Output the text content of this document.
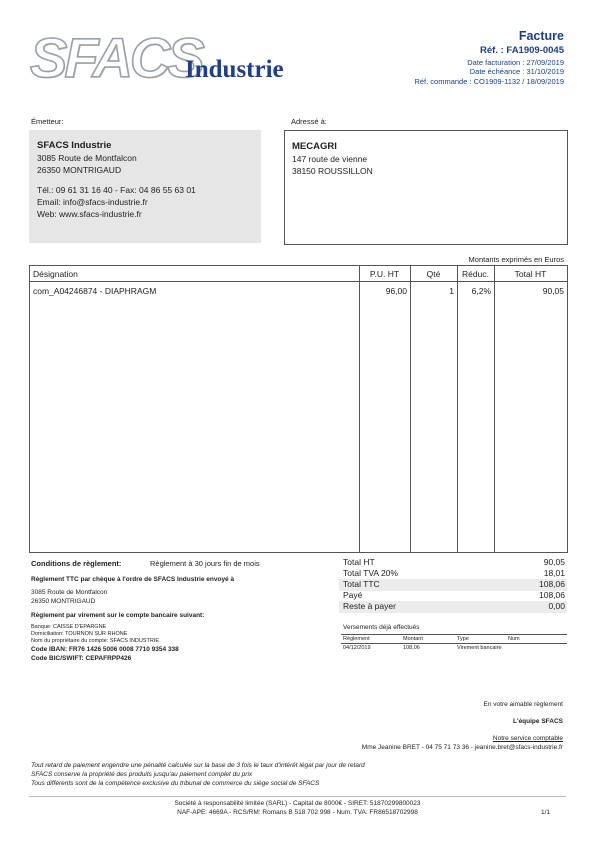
SFACS
Industrie
Facture
Réf. : FA1909-0045
Date facturation : 27/09/2019
Date échéance : 31/10/2019
Réf. commande : CO1909-1132 / 18/09/2019
Émetteur:
SFACS Industrie
3085 Route de Montfalcon
26350 MONTRIGAUD
Tél.: 09 61 31 16 40 - Fax: 04 86 55 63 01
Email: info@sfacs-industrie.fr
Web: www.sfacs-industrie.fr
Adressé à:
MECAGRI
147 route de vienne
38150 ROUSSILLON
Montants exprimés en Euros
Désignation	P.U. HT	Qté	Réduc.	Total HT
com_A04246874 - DIAPHRAGM	96,00	1	6,2%	90,05
Conditions de règlement:	Règlement à 30 jours fin de mois
Règlement TTC par chèque à l'ordre de SFACS Industrie envoyé à
3085 Route de Montfalcon
26350 MONTRIGAUD
Règlement par virement sur le compte bancaire suivant:
Banque: CAISSE D'EPARGNE
Domiciliation: TOURNON SUR RHONE
Nom du propriétaire du compte: SFACS INDUSTRIE
Code IBAN: FR76 1426 5006 0008 7710 9354 338
Code BIC/SWIFT: CEPAFRPP426
Total HT	90,05
Total TVA 20%	18,01
Total TTC	108,06
Payé	108,06
Reste à payer	0,00
Versements déjà effectués
Règlement	Montant	Type	Num
04/12/2019	108,06	Virement bancaire
En votre aimable règlement
L'équipe SFACS
Notre service comptable
Mme Jeanine BRET - 04 75 71 73 36 - jeanine.bret@sfacs-industrie.fr
Tout retard de paiement engendre une pénalité calculée sur la base de 3 fois le taux d'intérêt légal par jour de retard
SFACS conserve la propriété des produits jusqu'au paiement complet du prix
Tous différents sont de la compétence exclusive du tribunal de commerce du siège social de SFACS
Société à responsabilité limitée (SARL) - Capital de 8000€ - SIRET: 51870299800023
NAF-APE: 4669A - RCS/RM: Romans B 518 702 998 - Num. TVA: FR86518702998	1/1
